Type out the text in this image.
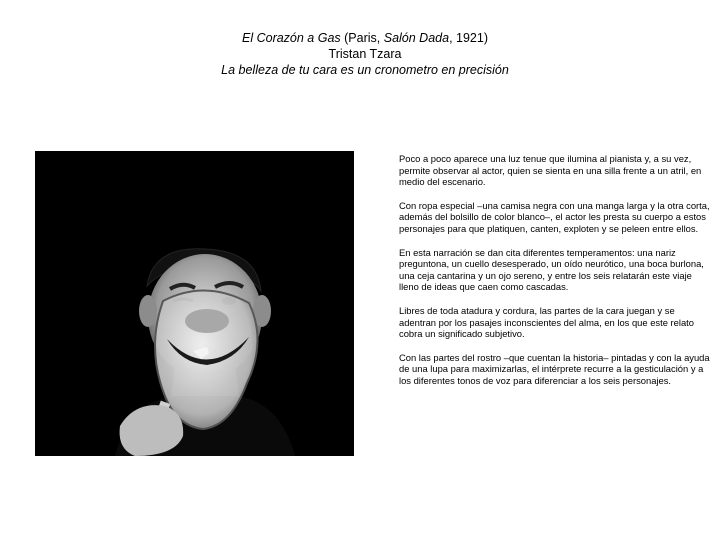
El Corazón a Gas (Paris, Salón Dada, 1921)
Tristan Tzara
La belleza de tu cara es un cronometro en precisión

Poco a poco aparece una luz tenue que ilumina al pianista y, a su vez, permite observar al actor, quien se sienta en una silla frente a un atril, en medio del escenario.

Con ropa especial –una camisa negra con una manga larga y la otra corta, además del bolsillo de color blanco–, el actor les presta su cuerpo a estos personajes para que platiquen, canten, exploten y se peleen entre ellos.

En esta narración se dan cita diferentes temperamentos: una nariz preguntona, un cuello desesperado, un oído neurótico, una boca burlona, una ceja cantarina y un ojo sereno, y entre los seis relatarán este viaje lleno de ideas que caen como cascadas.

Libres de toda atadura y cordura, las partes de la cara juegan y se adentran por los pasajes inconscientes del alma, en los que este relato cobra un significado subjetivo.

Con las partes del rostro –que cuentan la historia– pintadas y con la ayuda de una lupa para maximizarlas, el intérprete recurre a la gesticulación y a los diferentes tonos de voz para diferenciar a los seis personajes.
